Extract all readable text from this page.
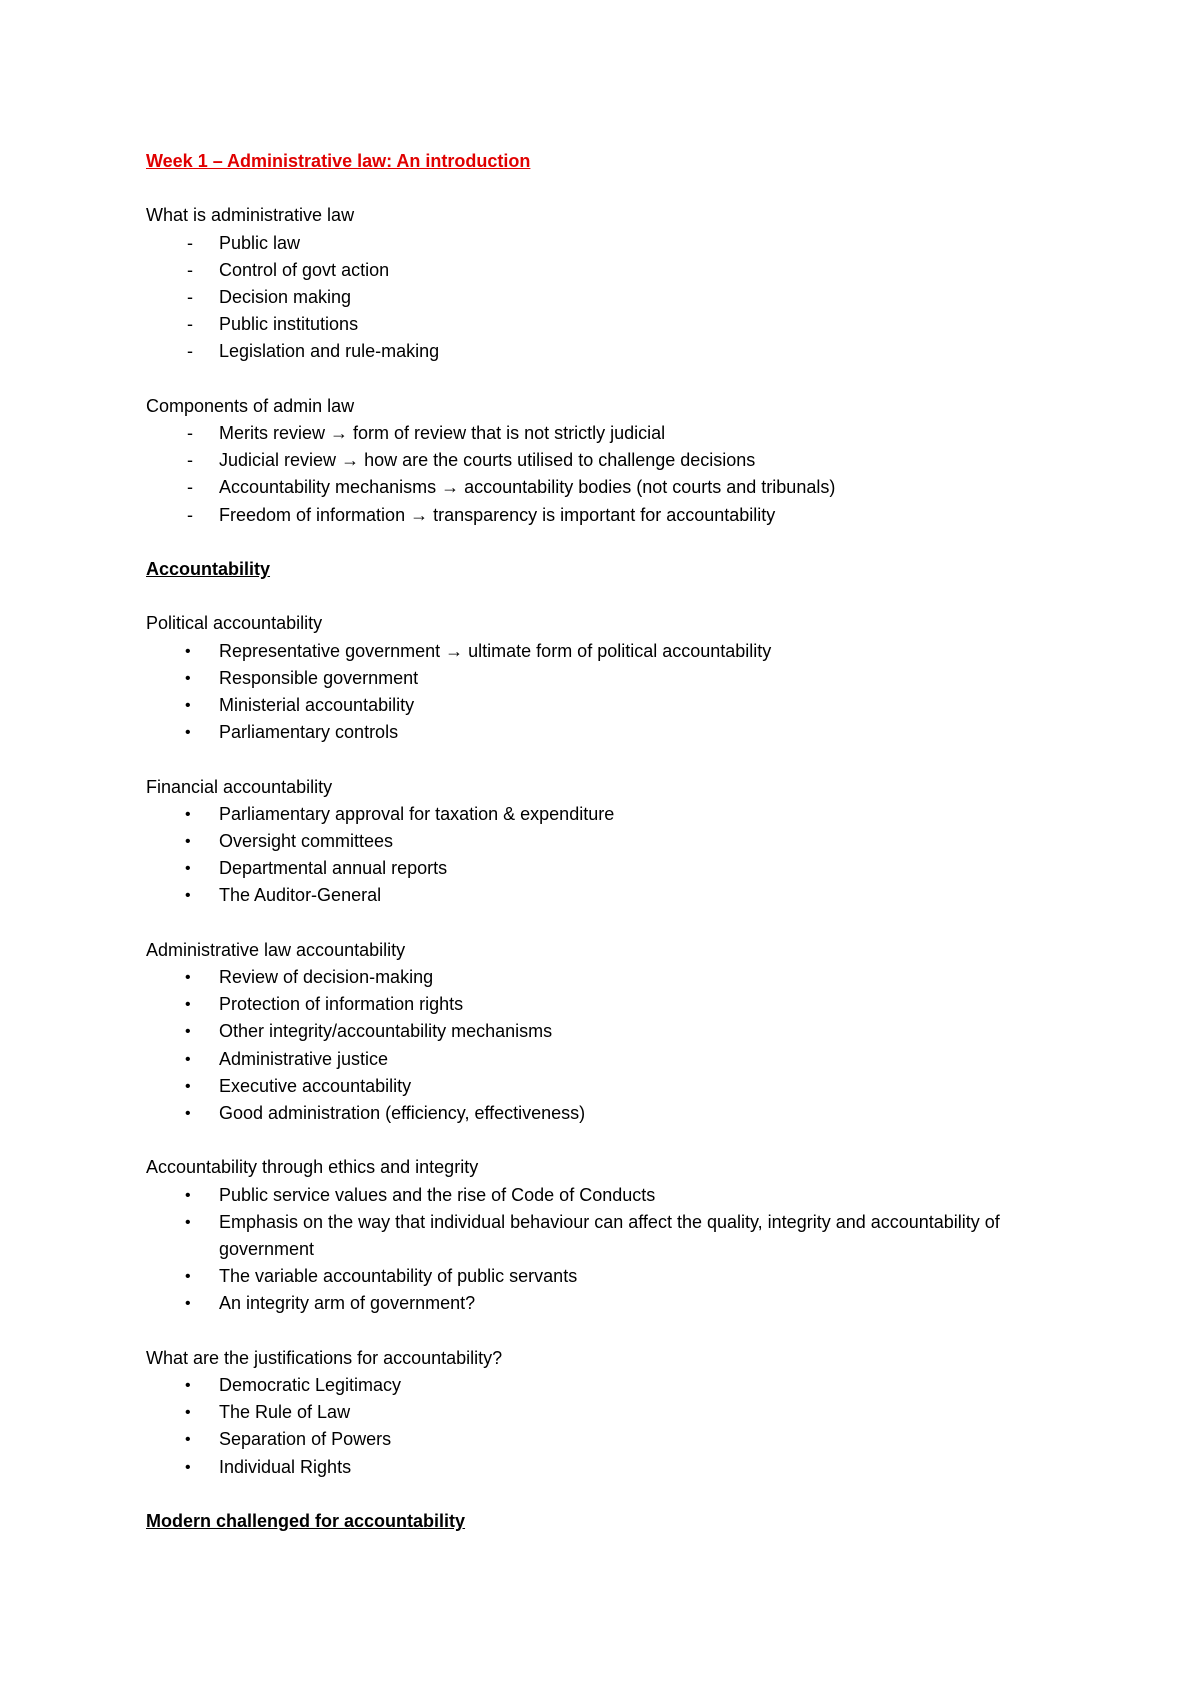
Week 1 – Administrative law: An introduction

What is administrative law

-	Public law
-	Control of govt action
-	Decision making
-	Public institutions
-	Legislation and rule-making

Components of admin law

-	Merits review → form of review that is not strictly judicial
-	Judicial review → how are the courts utilised to challenge decisions
-	Accountability mechanisms → accountability bodies (not courts and tribunals)
-	Freedom of information → transparency is important for accountability

Accountability

Political accountability

•	Representative government → ultimate form of political accountability
•	Responsible government
•	Ministerial accountability
•	Parliamentary controls

Financial accountability

•	Parliamentary approval for taxation & expenditure
•	Oversight committees
•	Departmental annual reports
•	The Auditor-General

Administrative law accountability

•	Review of decision-making
•	Protection of information rights
•	Other integrity/accountability mechanisms
•	Administrative justice
•	Executive accountability
•	Good administration (efficiency, effectiveness)

Accountability through ethics and integrity

•	Public service values and the rise of Code of Conducts
•	Emphasis on the way that individual behaviour can affect the quality, integrity and accountability of government
•	The variable accountability of public servants
•	An integrity arm of government?

What are the justifications for accountability?

•	Democratic Legitimacy
•	The Rule of Law
•	Separation of Powers
•	Individual Rights

Modern challenged for accountability
